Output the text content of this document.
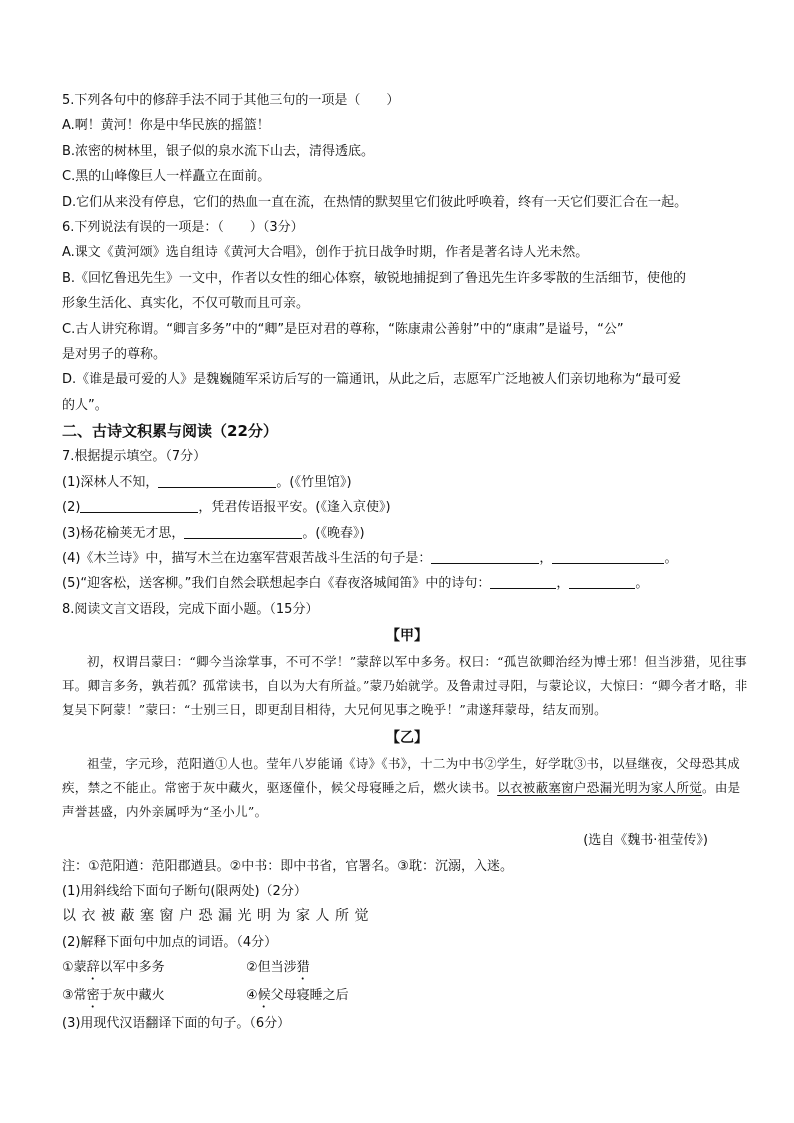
5.下列各句中的修辞手法不同于其他三句的一项是（　　）
A.啊！黄河！你是中华民族的摇篮！
B.浓密的树林里，银子似的泉水流下山去，清得透底。
C.黑的山峰像巨人一样矗立在面前。
D.它们从来没有停息，它们的热血一直在流，在热情的默契里它们彼此呼唤着，终有一天它们要汇合在一起。
6.下列说法有误的一项是：（　　）（3分）
A.课文《黄河颂》选自组诗《黄河大合唱》，创作于抗日战争时期，作者是著名诗人光未然。
B.《回忆鲁迅先生》一文中，作者以女性的细心体察，敏锐地捕捉到了鲁迅先生许多零散的生活细节，使他的
形象生活化、真实化，不仅可敬而且可亲。
C.古人讲究称谓。“卿言多务”中的“卿”是臣对君的尊称，“陈康肃公善射”中的“康肃”是谥号，“公”
是对男子的尊称。
D.《谁是最可爱的人》是魏巍随军采访后写的一篇通讯，从此之后，志愿军广泛地被人们亲切地称为“最可爱
的人”。
二、古诗文积累与阅读（22分）
7.根据提示填空。（7分）
(1)深林人不知，	。(《竹里馆》)
(2)	，凭君传语报平安。(《逢入京使》)
(3)杨花榆荚无才思，	。(《晚春》)
(4)《木兰诗》中，描写木兰在边塞军营艰苦战斗生活的句子是：	，	。
(5)“迎客松，送客柳。”我们自然会联想起李白《春夜洛城闻笛》中的诗句：	，	。
8.阅读文言文语段，完成下面小题。（15分）
【甲】
初，权谓吕蒙曰：“卿今当涂掌事，不可不学！”蒙辞以军中多务。权曰：“孤岂欲卿治经为博士邪！但当涉猎，见往事耳。卿言多务，孰若孤？孤常读书，自以为大有所益。”蒙乃始就学。及鲁肃过寻阳，与蒙论议，大惊曰：“卿今者才略，非复吴下阿蒙！”蒙曰：“士别三日，即更刮目相待，大兄何见事之晚乎！”肃遂拜蒙母，结友而别。
【乙】
祖莹，字元珍，范阳遒①人也。莹年八岁能诵《诗》《书》，十二为中书②学生，好学耽③书，以昼继夜，父母恐其成疾，禁之不能止。常密于灰中藏火，驱逐僮仆，候父母寝睡之后，燃火读书。以衣被蔽塞窗户恐漏光明为家人所觉。由是声誉甚盛，内外亲属呼为“圣小儿”。
(选自《魏书·祖莹传》)
注：①范阳遒：范阳郡遒县。②中书：即中书省，官署名。③耽：沉溺，入迷。
(1)用斜线给下面句子断句(限两处)（2分）
以衣被蔽塞窗户恐漏光明为家人所觉
(2)解释下面句中加点的词语。（4分）
①蒙辞以军中多务	②但当涉猎
③常密于灰中藏火	④候父母寝睡之后
(3)用现代汉语翻译下面的句子。（6分）
